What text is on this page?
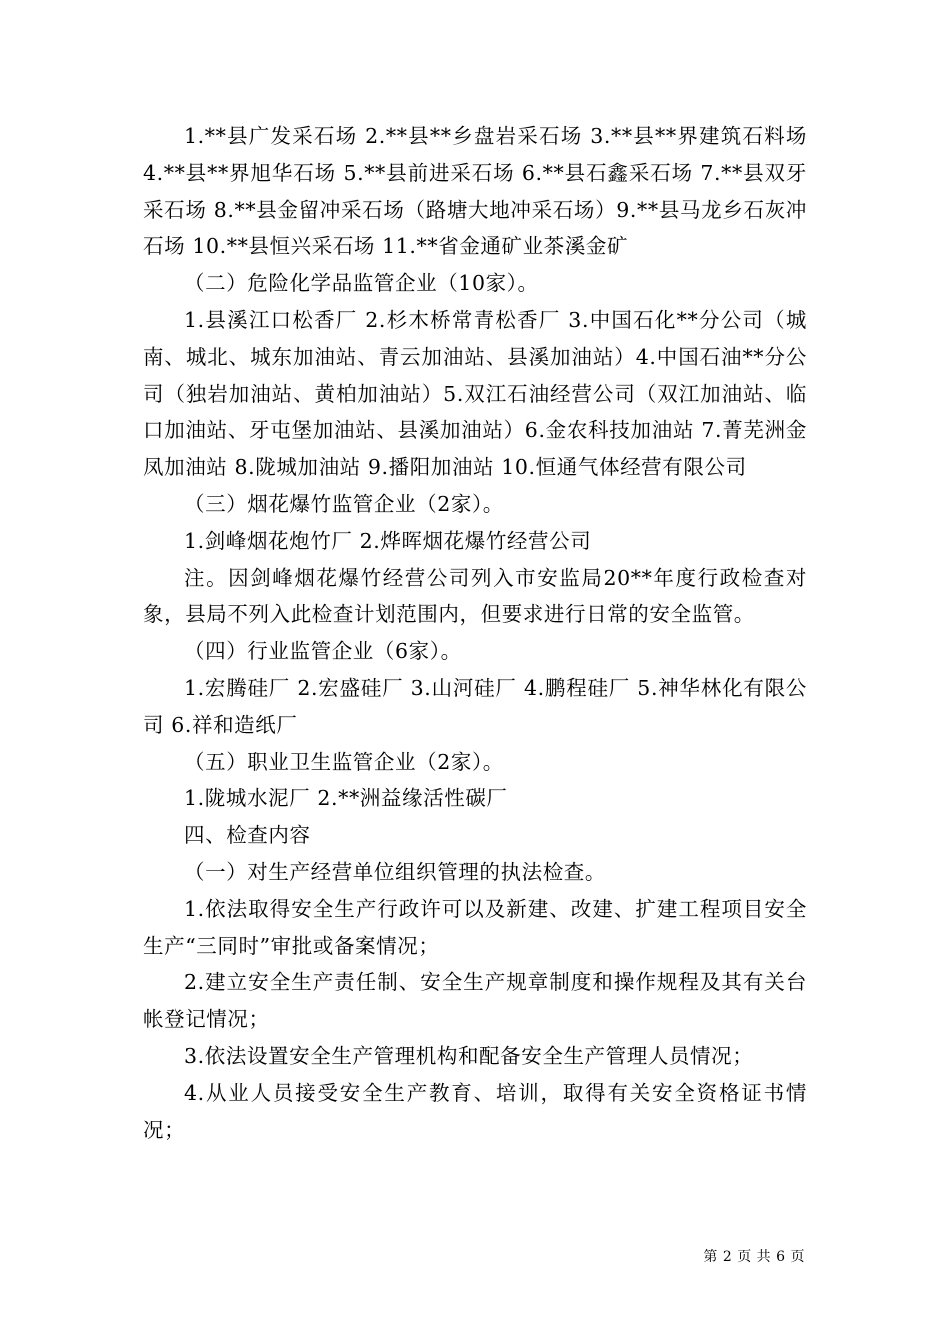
1.**县广发采石场 2.**县**乡盘岩采石场 3.**县**界建筑石料场 4.**县**界旭华石场 5.**县前进采石场 6.**县石鑫采石场 7.**县双牙采石场 8.**县金留冲采石场（路塘大地冲采石场）9.**县马龙乡石灰冲石场 10.**县恒兴采石场 11.**省金通矿业茶溪金矿

（二）危险化学品监管企业（10家）。

1.县溪江口松香厂 2.杉木桥常青松香厂 3.中国石化**分公司（城南、城北、城东加油站、青云加油站、县溪加油站）4.中国石油**分公司（独岩加油站、黄柏加油站）5.双江石油经营公司（双江加油站、临口加油站、牙屯堡加油站、县溪加油站）6.金农科技加油站 7.菁芜洲金凤加油站 8.陇城加油站 9.播阳加油站 10.恒通气体经营有限公司

（三）烟花爆竹监管企业（2家）。

1.剑峰烟花炮竹厂 2.烨晖烟花爆竹经营公司

注。因剑峰烟花爆竹经营公司列入市安监局20**年度行政检查对象，县局不列入此检查计划范围内，但要求进行日常的安全监管。

（四）行业监管企业（6家）。

1.宏腾硅厂 2.宏盛硅厂 3.山河硅厂 4.鹏程硅厂 5.神华林化有限公司 6.祥和造纸厂

（五）职业卫生监管企业（2家）。

1.陇城水泥厂 2.**洲益缘活性碳厂

四、检查内容

（一）对生产经营单位组织管理的执法检查。

1.依法取得安全生产行政许可以及新建、改建、扩建工程项目安全生产“三同时”审批或备案情况；

2.建立安全生产责任制、安全生产规章制度和操作规程及其有关台帐登记情况；

3.依法设置安全生产管理机构和配备安全生产管理人员情况；

4.从业人员接受安全生产教育、培训，取得有关安全资格证书情况；

第 2 页 共 6 页
